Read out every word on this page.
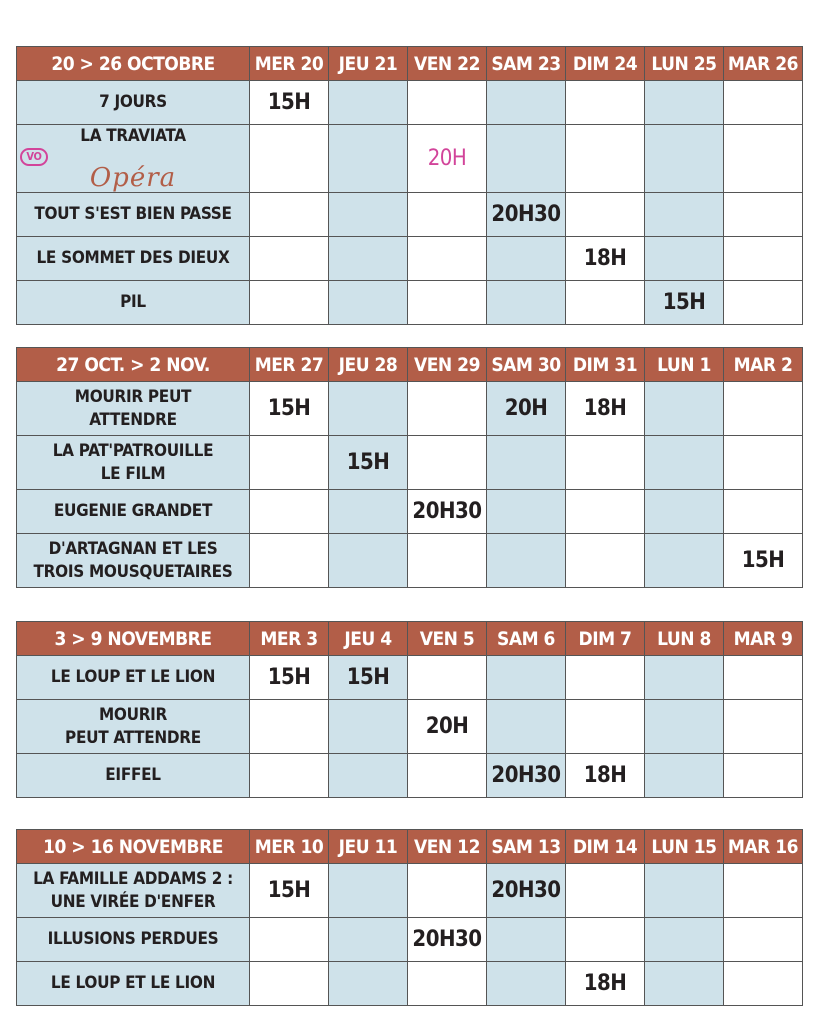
20 > 26 OCTOBRE	MER 20	JEU 21	VEN 22	SAM 23	DIM 24	LUN 25	MAR 26

7 JOURS	15H						
LA TRAVIATA
VO
Opéra			20H				

TOUT S'EST BIEN PASSE				20H30			

LE SOMMET DES DIEUX					18H		

PIL						15H	
27 OCT. > 2 NOV.	MER 27	JEU 28	VEN 29	SAM 30	DIM 31	LUN 1	MAR 2

MOURIR PEUT
ATTENDRE	15H			20H	18H		

LA PAT'PATROUILLE
LE FILM		15H					

EUGENIE GRANDET			20H30				

D'ARTAGNAN ET LES
TROIS MOUSQUETAIRES							15H
3 > 9 NOVEMBRE	MER 3	JEU 4	VEN 5	SAM 6	DIM 7	LUN 8	MAR 9

LE LOUP ET LE LION	15H	15H					

MOURIR
PEUT ATTENDRE			20H				

EIFFEL				20H30	18H		
10 > 16 NOVEMBRE	MER 10	JEU 11	VEN 12	SAM 13	DIM 14	LUN 15	MAR 16

LA FAMILLE ADDAMS 2 :
UNE VIRÉE D'ENFER	15H			20H30			

ILLUSIONS PERDUES			20H30				

LE LOUP ET LE LION					18H		
